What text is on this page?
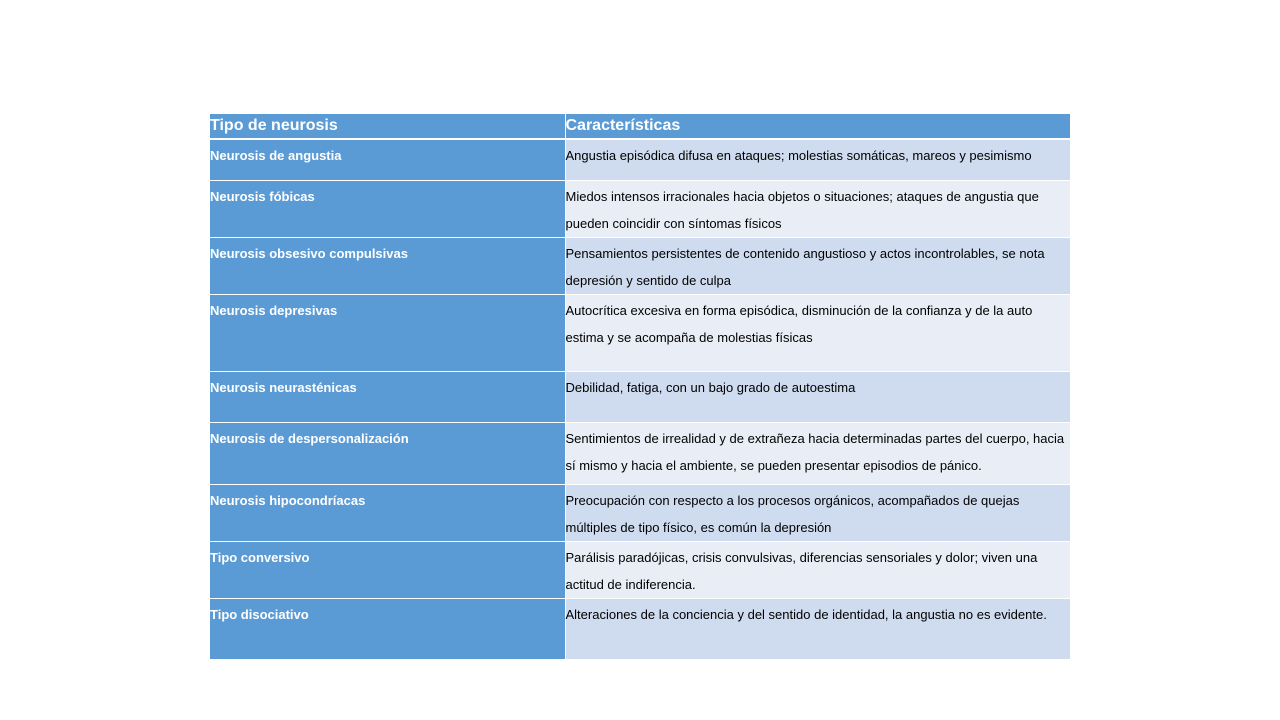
Tipo de neurosis	Características
Neurosis de angustia	Angustia episódica difusa en ataques; molestias somáticas, mareos y pesimismo
Neurosis fóbicas	Miedos intensos irracionales hacia objetos o situaciones; ataques de angustia que pueden coincidir con síntomas físicos
Neurosis obsesivo compulsivas	Pensamientos persistentes de contenido angustioso y actos incontrolables, se nota depresión y sentido de culpa
Neurosis depresivas	Autocrítica excesiva en forma episódica, disminución de la confianza y de la auto estima y se acompaña de molestias físicas
Neurosis neurasténicas	Debilidad, fatiga, con un bajo grado de autoestima
Neurosis de despersonalización	Sentimientos de irrealidad y de extrañeza hacia determinadas partes del cuerpo, hacia sí mismo y hacia el ambiente, se pueden presentar episodios de pánico.
Neurosis hipocondríacas	Preocupación con respecto a los procesos orgánicos, acompañados de quejas múltiples de tipo físico, es común la depresión
Tipo conversivo	Parálisis paradójicas, crisis convulsivas, diferencias sensoriales y dolor; viven una actitud de indiferencia.
Tipo disociativo	Alteraciones de la conciencia y del sentido de identidad, la angustia no es evidente.
